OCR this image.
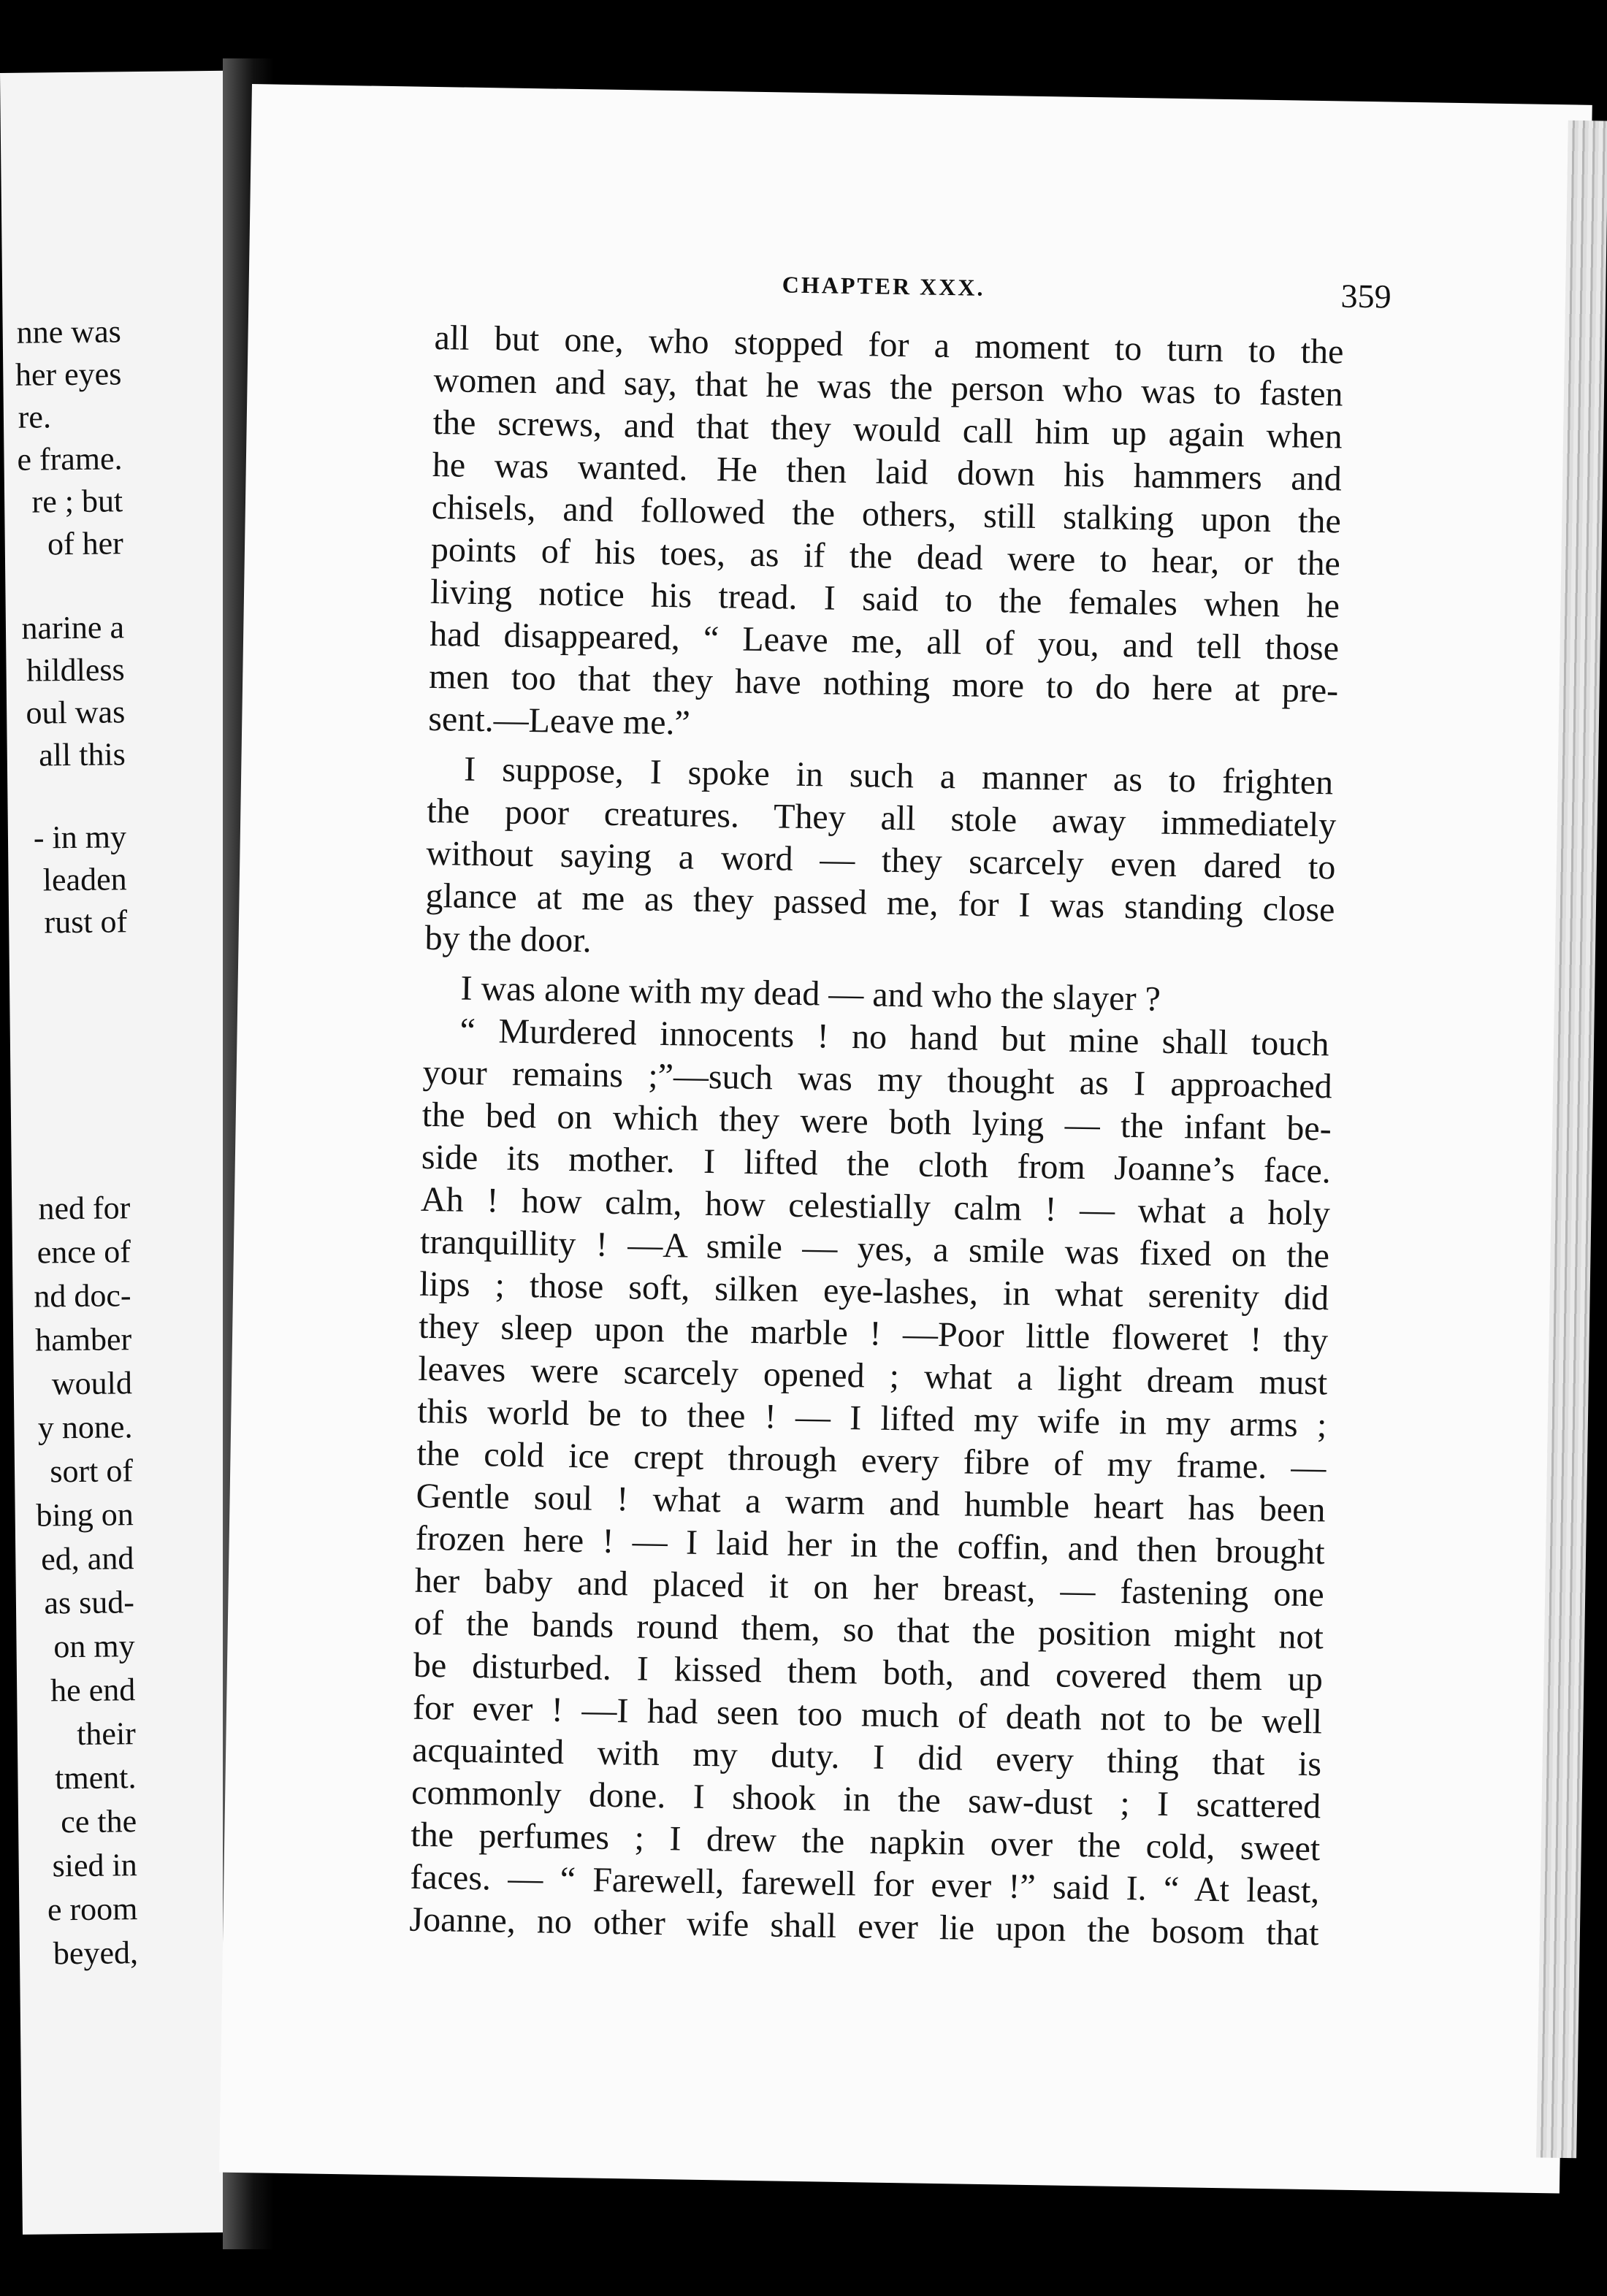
nne was
her eyes
re.
e frame.
re ; but
of her
narine a
hildless
oul was
all this
- in my
leaden
rust of
ned for
ence of
nd doc-
hamber
would
y none.
sort of
bing on
ed, and
as sud-
on my
he end
their
tment.
ce the
sied in
e room
beyed,
CHAPTER XXX.	359
all but one, who stopped for a moment to turn to the
women and say, that he was the person who was to fasten
the screws, and that they would call him up again when
he was wanted. He then laid down his hammers and
chisels, and followed the others, still stalking upon the
points of his toes, as if the dead were to hear, or the
living notice his tread. I said to the females when he
had disappeared, “ Leave me, all of you, and tell those
men too that they have nothing more to do here at pre-
sent.—Leave me.”
I suppose, I spoke in such a manner as to frighten
the poor creatures. They all stole away immediately
without saying a word — they scarcely even dared to
glance at me as they passed me, for I was standing close
by the door.
I was alone with my dead — and who the slayer ?
“ Murdered innocents ! no hand but mine shall touch
your remains ;”—such was my thought as I approached
the bed on which they were both lying — the infant be-
side its mother. I lifted the cloth from Joanne’s face.
Ah ! how calm, how celestially calm ! — what a holy
tranquillity ! —A smile — yes, a smile was fixed on the
lips ; those soft, silken eye-lashes, in what serenity did
they sleep upon the marble ! —Poor little floweret ! thy
leaves were scarcely opened ; what a light dream must
this world be to thee ! — I lifted my wife in my arms ;
the cold ice crept through every fibre of my frame. —
Gentle soul ! what a warm and humble heart has been
frozen here ! — I laid her in the coffin, and then brought
her baby and placed it on her breast, — fastening one
of the bands round them, so that the position might not
be disturbed. I kissed them both, and covered them up
for ever ! —I had seen too much of death not to be well
acquainted with my duty. I did every thing that is
commonly done. I shook in the saw-dust ; I scattered
the perfumes ; I drew the napkin over the cold, sweet
faces. — “ Farewell, farewell for ever !” said I. “ At least,
Joanne, no other wife shall ever lie upon the bosom that
